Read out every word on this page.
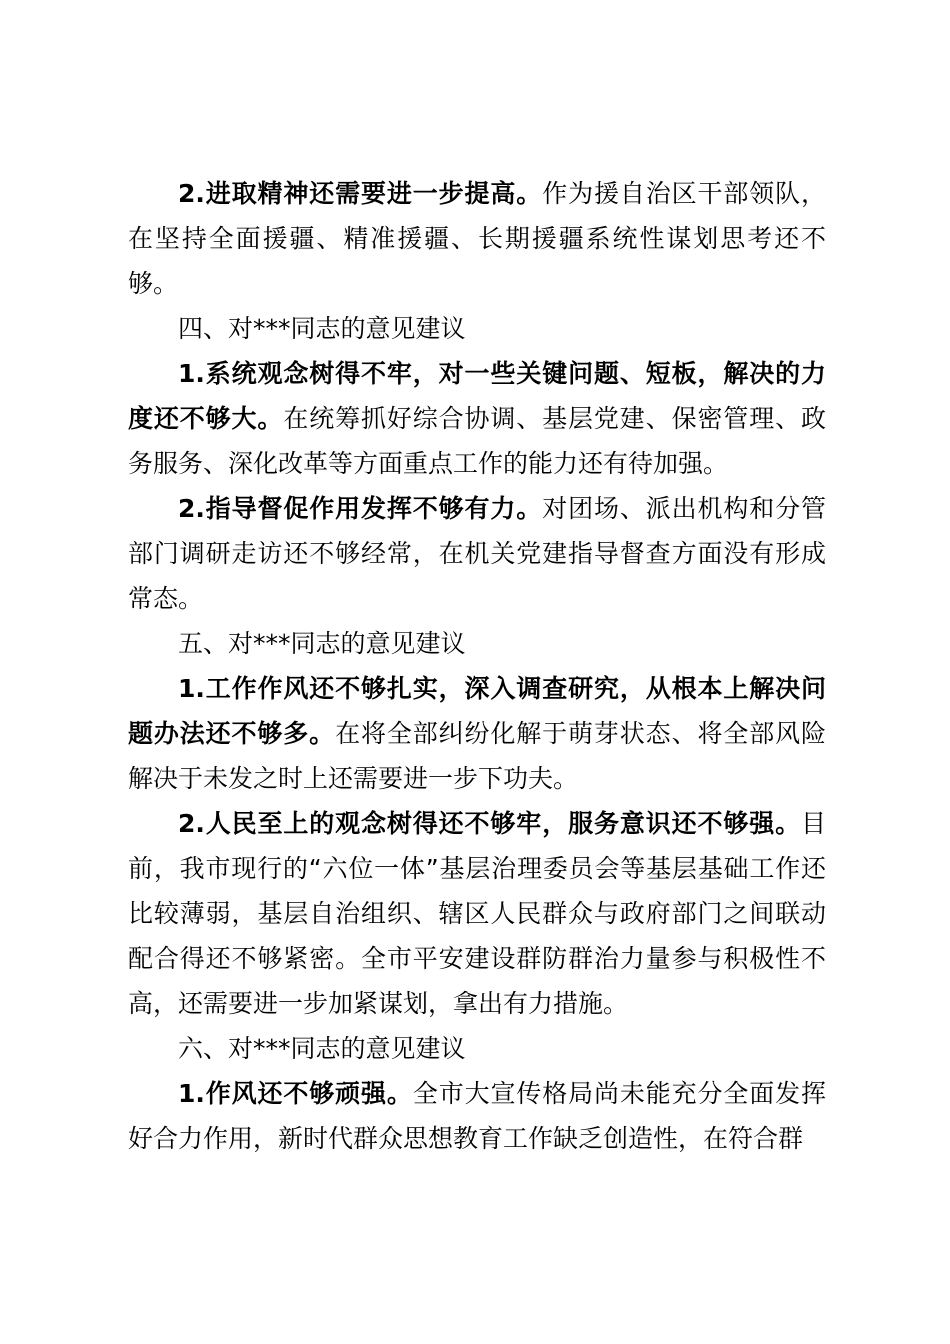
2.进取精神还需要进一步提高。作为援自治区干部领队，在坚持全面援疆、精准援疆、长期援疆系统性谋划思考还不够。

四、对***同志的意见建议

1.系统观念树得不牢，对一些关键问题、短板，解决的力度还不够大。在统筹抓好综合协调、基层党建、保密管理、政务服务、深化改革等方面重点工作的能力还有待加强。

2.指导督促作用发挥不够有力。对团场、派出机构和分管部门调研走访还不够经常，在机关党建指导督查方面没有形成常态。

五、对***同志的意见建议

1.工作作风还不够扎实，深入调查研究，从根本上解决问题办法还不够多。在将全部纠纷化解于萌芽状态、将全部风险解决于未发之时上还需要进一步下功夫。

2.人民至上的观念树得还不够牢，服务意识还不够强。目前，我市现行的“六位一体”基层治理委员会等基层基础工作还比较薄弱，基层自治组织、辖区人民群众与政府部门之间联动配合得还不够紧密。全市平安建设群防群治力量参与积极性不高，还需要进一步加紧谋划，拿出有力措施。

六、对***同志的意见建议

1.作风还不够顽强。全市大宣传格局尚未能充分全面发挥好合力作用，新时代群众思想教育工作缺乏创造性，在符合群
